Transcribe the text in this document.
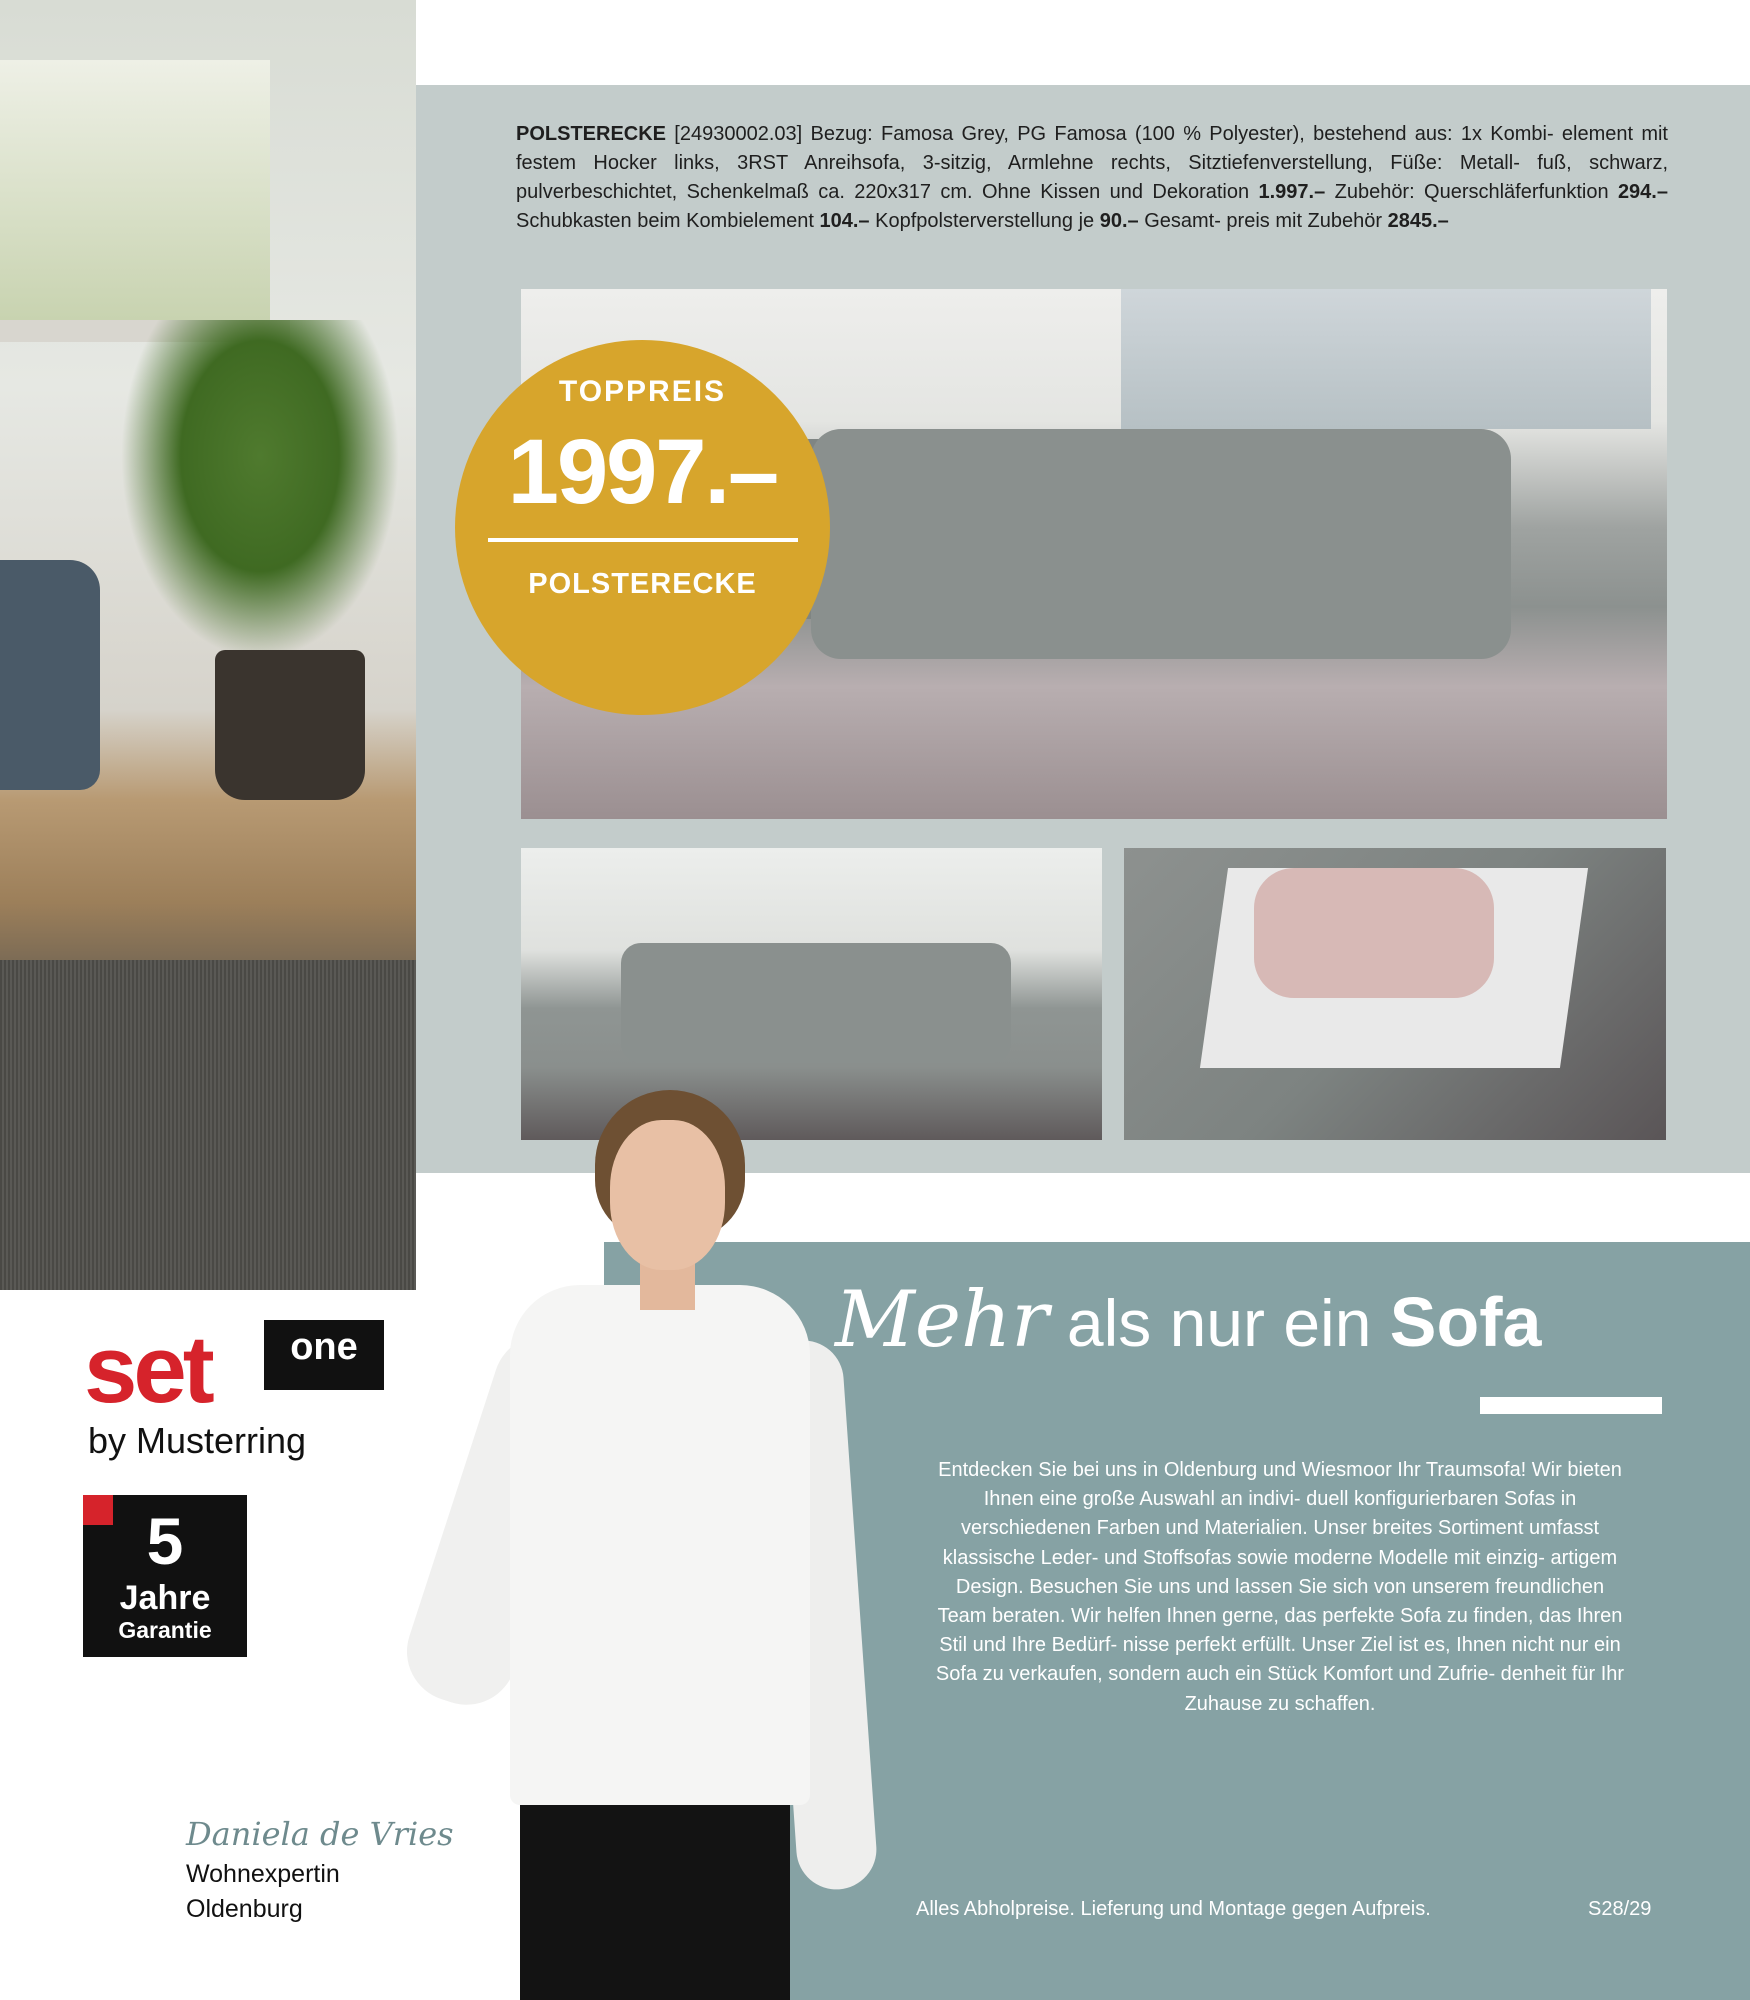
POLSTERECKE [24930002.03] Bezug: Famosa Grey, PG Famosa (100 % Polyester), bestehend aus: 1x Kombi- element mit festem Hocker links, 3RST Anreihsofa, 3-sitzig, Armlehne rechts, Sitztiefenverstellung, Füße: Metall- fuß, schwarz, pulverbeschichtet, Schenkelmaß ca. 220x317 cm. Ohne Kissen und Dekoration 1.997.– Zubehör: Querschläferfunktion 294.– Schubkasten beim Kombielement 104.– Kopfpolsterverstellung je 90.– Gesamt- preis mit Zubehör 2845.–
TOPPREIS
1997.–
POLSTERECKE
Mehr als nur ein Sofa
Entdecken Sie bei uns in Oldenburg und Wiesmoor Ihr Traumsofa! Wir bieten Ihnen eine große Auswahl an indivi- duell konfigurierbaren Sofas in verschiedenen Farben und Materialien. Unser breites Sortiment umfasst klassische Leder- und Stoffsofas sowie moderne Modelle mit einzig- artigem Design. Besuchen Sie uns und lassen Sie sich von unserem freundlichen Team beraten. Wir helfen Ihnen gerne, das perfekte Sofa zu finden, das Ihren Stil und Ihre Bedürf- nisse perfekt erfüllt. Unser Ziel ist es, Ihnen nicht nur ein Sofa zu verkaufen, sondern auch ein Stück Komfort und Zufrie- denheit für Ihr Zuhause zu schaffen.
Alles Abholpreise. Lieferung und Montage gegen Aufpreis.	S28/29
set	one
by Musterring
5
Jahre
Garantie
Daniela de Vries
Wohnexpertin
Oldenburg
